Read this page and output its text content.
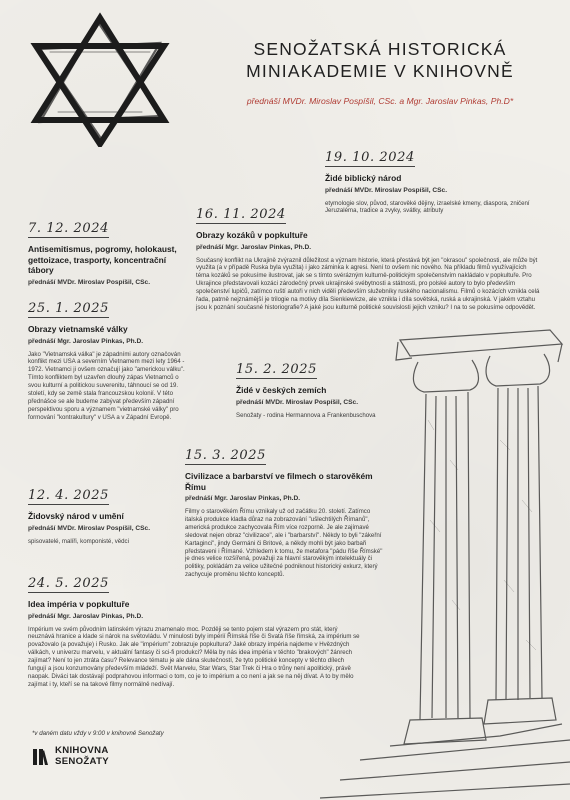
SENOŽATSKÁ HISTORICKÁ
MINIAKADEMIE V KNIHOVNĚ
přednáší MVDr. Miroslav Pospíšil, CSc. a Mgr. Jaroslav Pinkas, Ph.D*
19. 10. 2024
Židé biblický národ
přednáší MVDr. Miroslav Pospíšil, CSc.
etymologie slov, původ, starověké dějiny, izraelské kmeny, diaspora, zničení Jeruzaléma, tradice a zvyky, svátky, atributy
16. 11. 2024
Obrazy kozáků v popkultuře
přednáší Mgr. Jaroslav Pinkas, Ph.D.
Současný konflikt na Ukrajině zvýraznil důležitost a význam historie, která přestává být jen "okrasou" společnosti, ale může být využita (a v případě Ruska byla využita) i jako záminka k agresi. Není to ovšem nic nového. Na příkladu filmů využívajících téma kozáků se pokusíme ilustrovat, jak se s tímto svérázným kulturně-politickým společenstvím nakládalo v popkultuře. Pro Ukrajince představovali kozáci zárodečný prvek ukrajinské svébytnosti a státnosti, pro polské autory to bylo především společenství lupičů, zatímco ruští autoři v nich viděli především služebníky ruského nacionalismu. Filmů o kozácích vznikla celá řada, patrně nejznámější je trilogie na motivy díla Sienkiewicze, ale vznikla i díla sovětská, ruská a ukrajinská. V jakém vztahu jsou k poznání současné historiografie? A jaké jsou kulturně politické souvislosti jejich vzniku? I na to se pokusíme odpovědět.
7. 12. 2024
Antisemitismus, pogromy, holokaust, gettoizace, trasporty, koncentrační tábory
přednáší MVDr. Miroslav Pospíšil, CSc.
25. 1. 2025
Obrazy vietnamské války
přednáší Mgr. Jaroslav Pinkas, Ph.D.
Jako "Vietnamská válka" je západními autory označován konflikt mezi USA a severním Vietnamem mezi lety 1964 - 1972. Vietnamci ji ovšem označují jako "americkou válku". Tímto konfliktem byl uzavřen dlouhý zápas Vietnamců o svou kulturní a politickou suverenitu, táhnoucí se od 19. století, kdy se země stala francouzskou kolonií. V této přednášce se ale budeme zabývat především západní perspektivou sporu a významem "vietnamské války" pro formování "kontrakultury" v USA a v Západní Evropě.
15. 2. 2025
Židé v českých zemích
přednáší MVDr. Miroslav Pospíšil, CSc.
Senožaty - rodina Hermannova a Frankenbuschova
15. 3. 2025
Civilizace a barbarství ve filmech o starověkém Římu
přednáší Mgr. Jaroslav Pinkas, Ph.D.
Filmy o starověkém Římu vznikaly už od začátku 20. století. Zatímco italská produkce kladla důraz na zobrazování "ušlechtilých Římanů", americká produkce zachycovala Řím více rozporně. Je ale zajímavé sledovat nejen obraz "civilizace", ale i "barbarství". Někdy to byli "zákeřní Kartaginci", jindy Germáni či Britové, a někdy mohli být jako barbaři představeni i Římané. Vzhledem k tomu, že metafora "pádu říše Římské" je dnes velice rozšířená, považuji za hlavní starověkým intelektuály či politiky, pokládám za velice užitečné podniknout historický exkurz, který zachycuje proměnu těchto konceptů.
12. 4. 2025
Židovský národ v umění
přednáší MVDr. Miroslav Pospíšil, CSc.
spisovatelé, malíři, komponisté, vědci
24. 5. 2025
Idea impéria v popkultuře
přednáší Mgr. Jaroslav Pinkas, Ph.D.
Impérium ve svém původním latinském výrazu znamenalo moc. Později se tento pojem stal výrazem pro stát, který neuznává hranice a klade si nárok na světovládu. V minulosti byly impérií Římská říše či Svatá říše římská, za impérium se považovalo (a považuje) i Rusko. Jak ale "impérium" zobrazuje popkultura? Jaké obrazy impéria najdeme v Hvězdných válkách, v univerzu marvelu, v aktuální fantasy či sci-fi produkci? Měla by nás idea impéria v těchto "brakových" žánrech zajímat? Není to jen ztráta času? Relevance tématu je ale dána skutečností, že tyto politické koncepty v těchto dílech fungují a jsou konzumovány především mládeží. Svět Marvelu, Star Wars, Star Trek či Hra o trůny není apolitický, právě naopak. Diváci tak dostávají podprahovou informaci o tom, co je to impérium a co není a jak se na něj dívat. A to by mělo zajímat i ty, kteří se na takové filmy normálně nedívají.
*v daném datu vždy v 9:00 v knihovně Senožaty
KNIHOVNA
SENOŽATY
